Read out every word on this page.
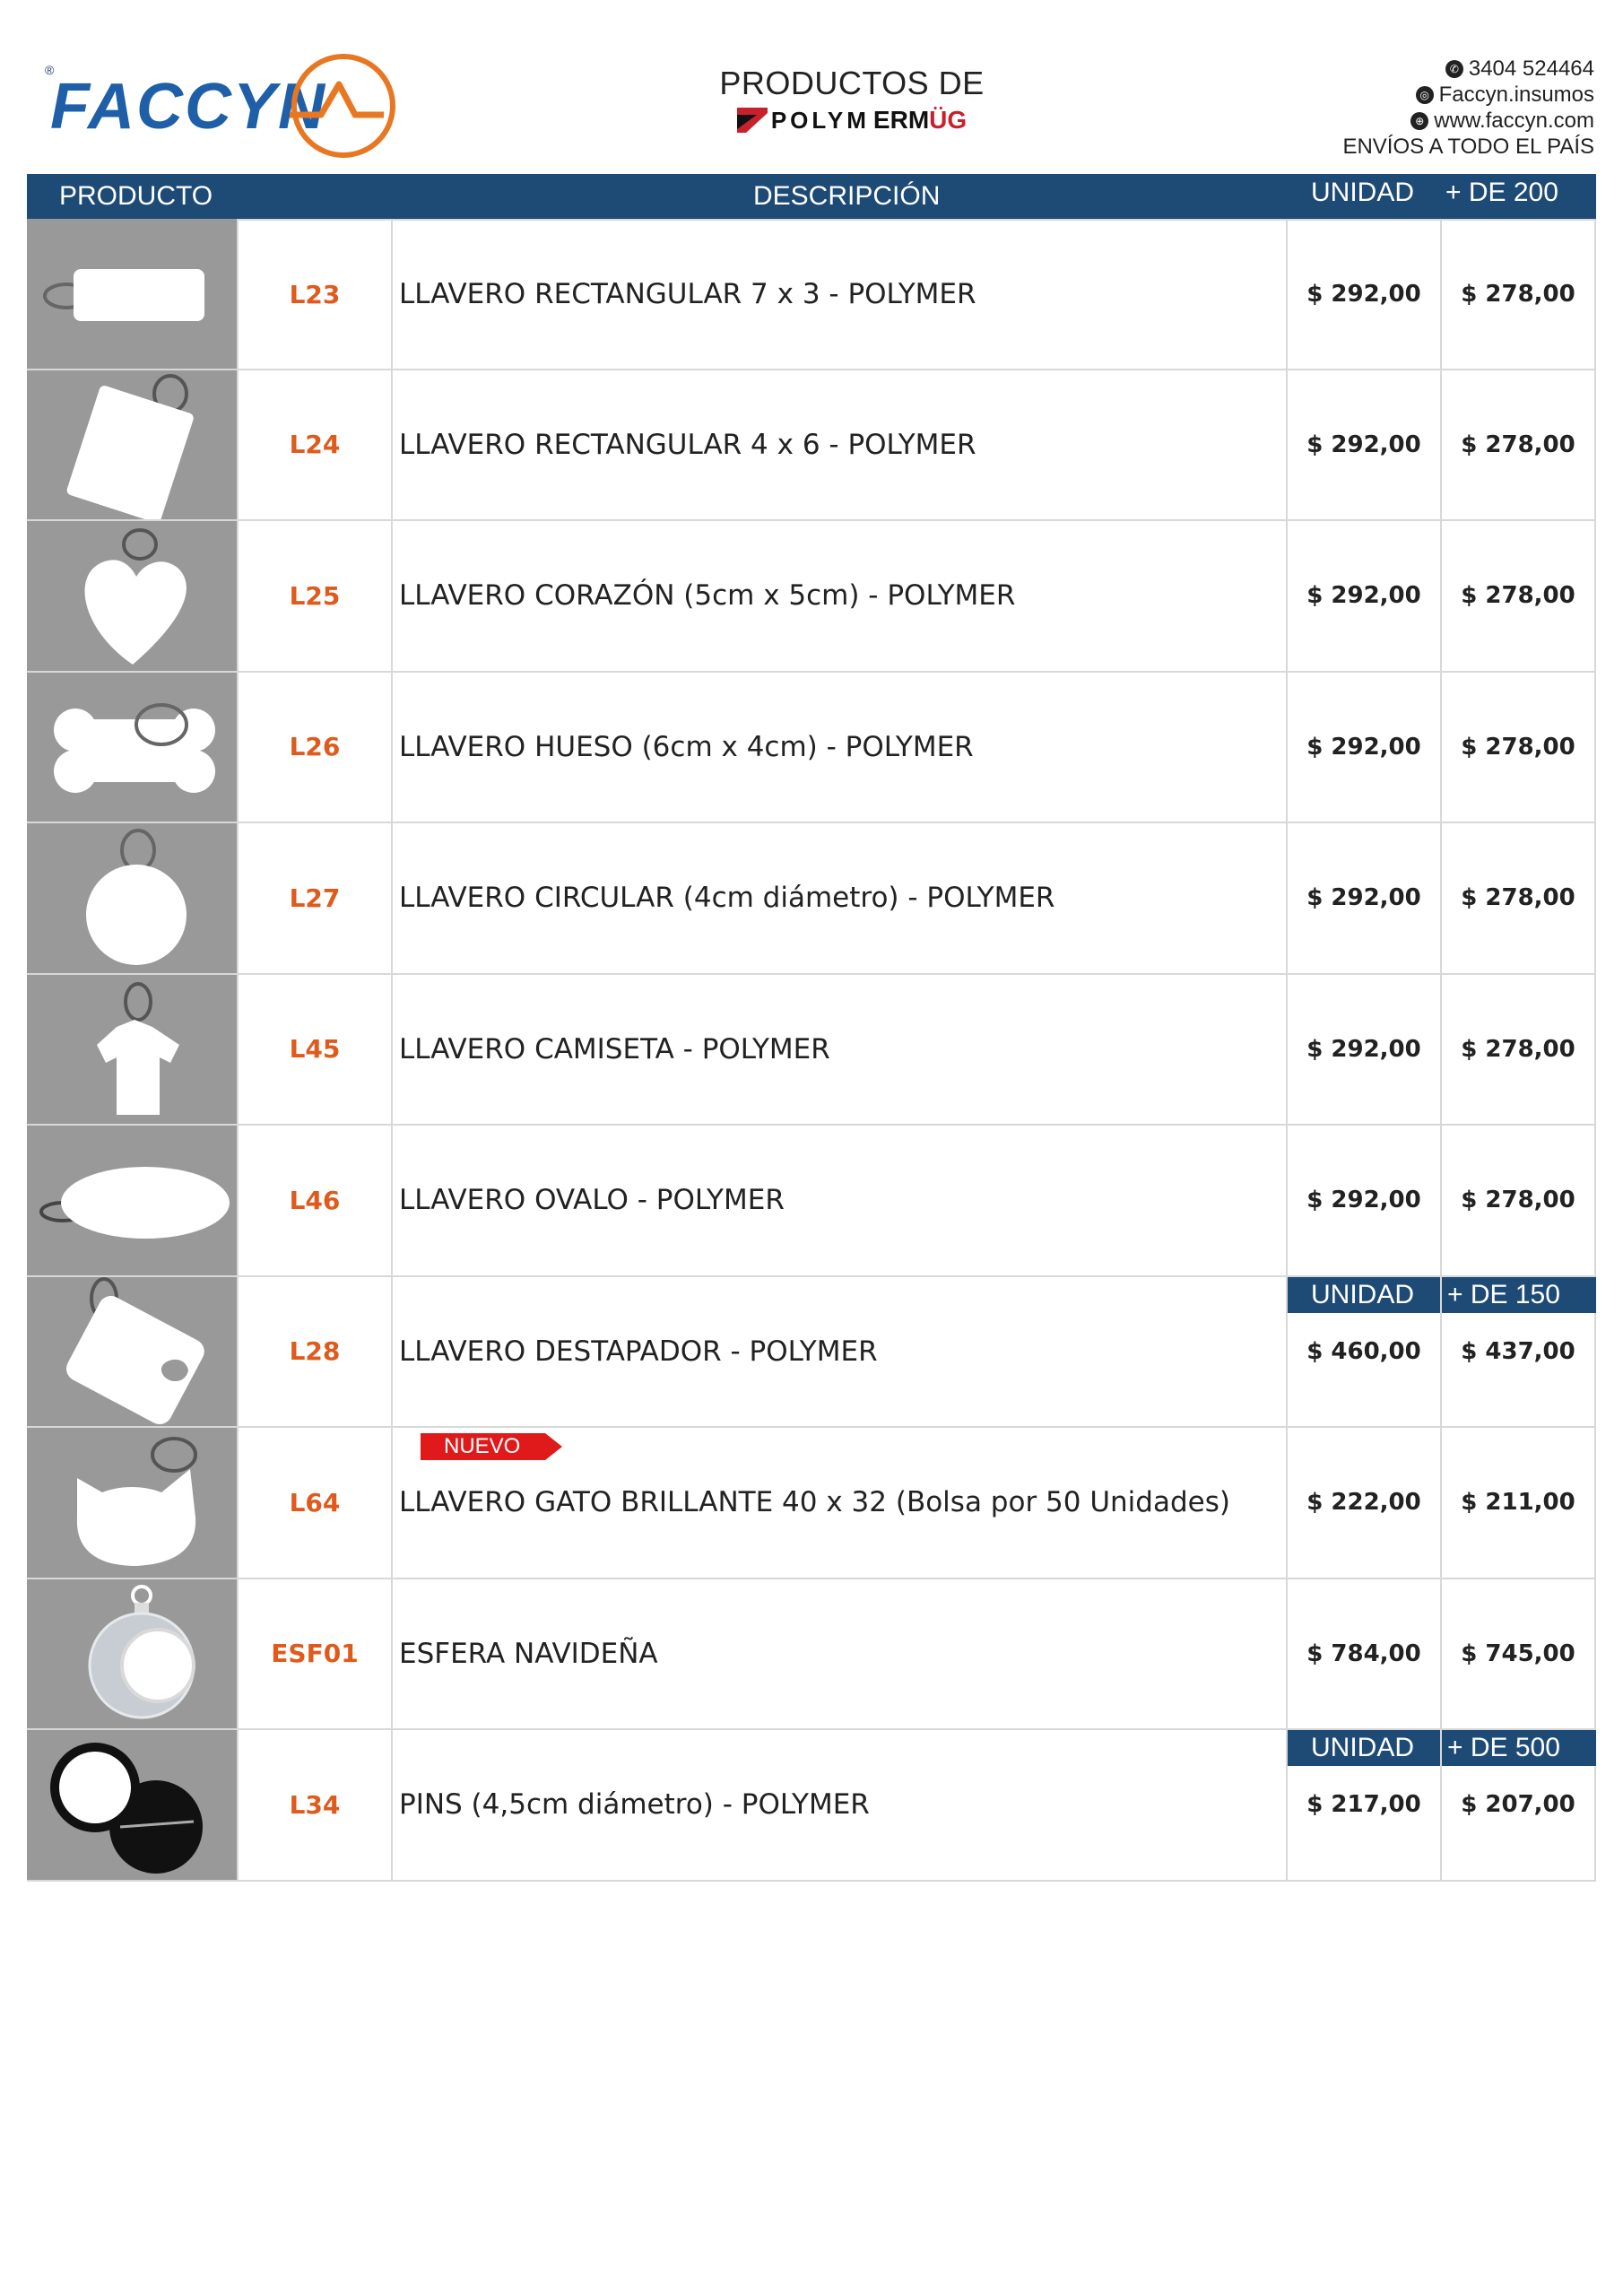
®
FACCYN	PRODUCTOS DE
POLYM ERMÜG
✆ 3404 524464
◎ Faccyn.insumos
⊕ www.faccyn.com
ENVÍOS A TODO EL PAÍS
PRODUCTO	DESCRIPCIÓN	UNIDAD + DE 200
L23	LLAVERO RECTANGULAR 7 x 3 - POLYMER	$ 292,00	$ 278,00
L24	LLAVERO RECTANGULAR 4 x 6 - POLYMER	$ 292,00	$ 278,00
L25	LLAVERO CORAZÓN (5cm x 5cm) - POLYMER	$ 292,00	$ 278,00
L26	LLAVERO HUESO (6cm x 4cm) - POLYMER	$ 292,00	$ 278,00
L27	LLAVERO CIRCULAR (4cm diámetro) - POLYMER	$ 292,00	$ 278,00
L45	LLAVERO CAMISETA - POLYMER	$ 292,00	$ 278,00
L46	LLAVERO OVALO - POLYMER	$ 292,00	$ 278,00
UNIDAD + DE 150
L28	LLAVERO DESTAPADOR - POLYMER	$ 460,00	$ 437,00
NUEVO
L64	LLAVERO GATO BRILLANTE 40 x 32 (Bolsa por 50 Unidades)	$ 222,00	$ 211,00
ESF01	ESFERA NAVIDEÑA	$ 784,00	$ 745,00
UNIDAD + DE 500
L34	PINS (4,5cm diámetro) - POLYMER	$ 217,00	$ 207,00
